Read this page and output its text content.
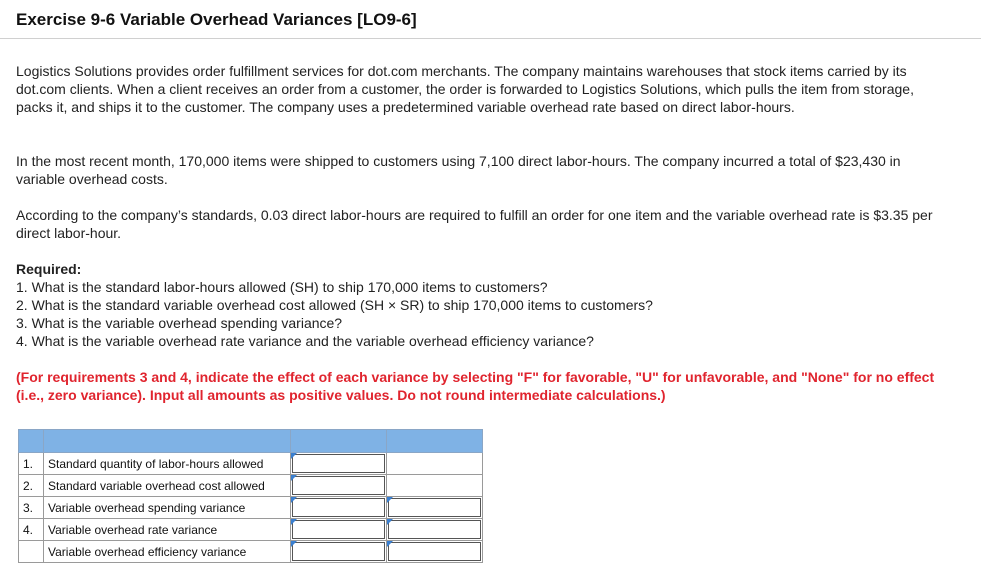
Exercise 9-6 Variable Overhead Variances [LO9-6]
Logistics Solutions provides order fulfillment services for dot.com merchants. The company maintains warehouses that stock items carried by its dot.com clients. When a client receives an order from a customer, the order is forwarded to Logistics Solutions, which pulls the item from storage, packs it, and ships it to the customer. The company uses a predetermined variable overhead rate based on direct labor-hours.
In the most recent month, 170,000 items were shipped to customers using 7,100 direct labor-hours. The company incurred a total of $23,430 in variable overhead costs.
According to the company’s standards, 0.03 direct labor-hours are required to fulfill an order for one item and the variable overhead rate is $3.35 per direct labor-hour.
Required:
1. What is the standard labor-hours allowed (SH) to ship 170,000 items to customers?
2. What is the standard variable overhead cost allowed (SH × SR) to ship 170,000 items to customers?
3. What is the variable overhead spending variance?
4. What is the variable overhead rate variance and the variable overhead efficiency variance?
(For requirements 3 and 4, indicate the effect of each variance by selecting "F" for favorable, "U" for unfavorable, and "None" for no effect (i.e., zero variance). Input all amounts as positive values. Do not round intermediate calculations.)

1.	Standard quantity of labor-hours allowed	

2.	Standard variable overhead cost allowed	

3.	Variable overhead spending variance	

4.	Variable overhead rate variance	

	Variable overhead efficiency variance	
